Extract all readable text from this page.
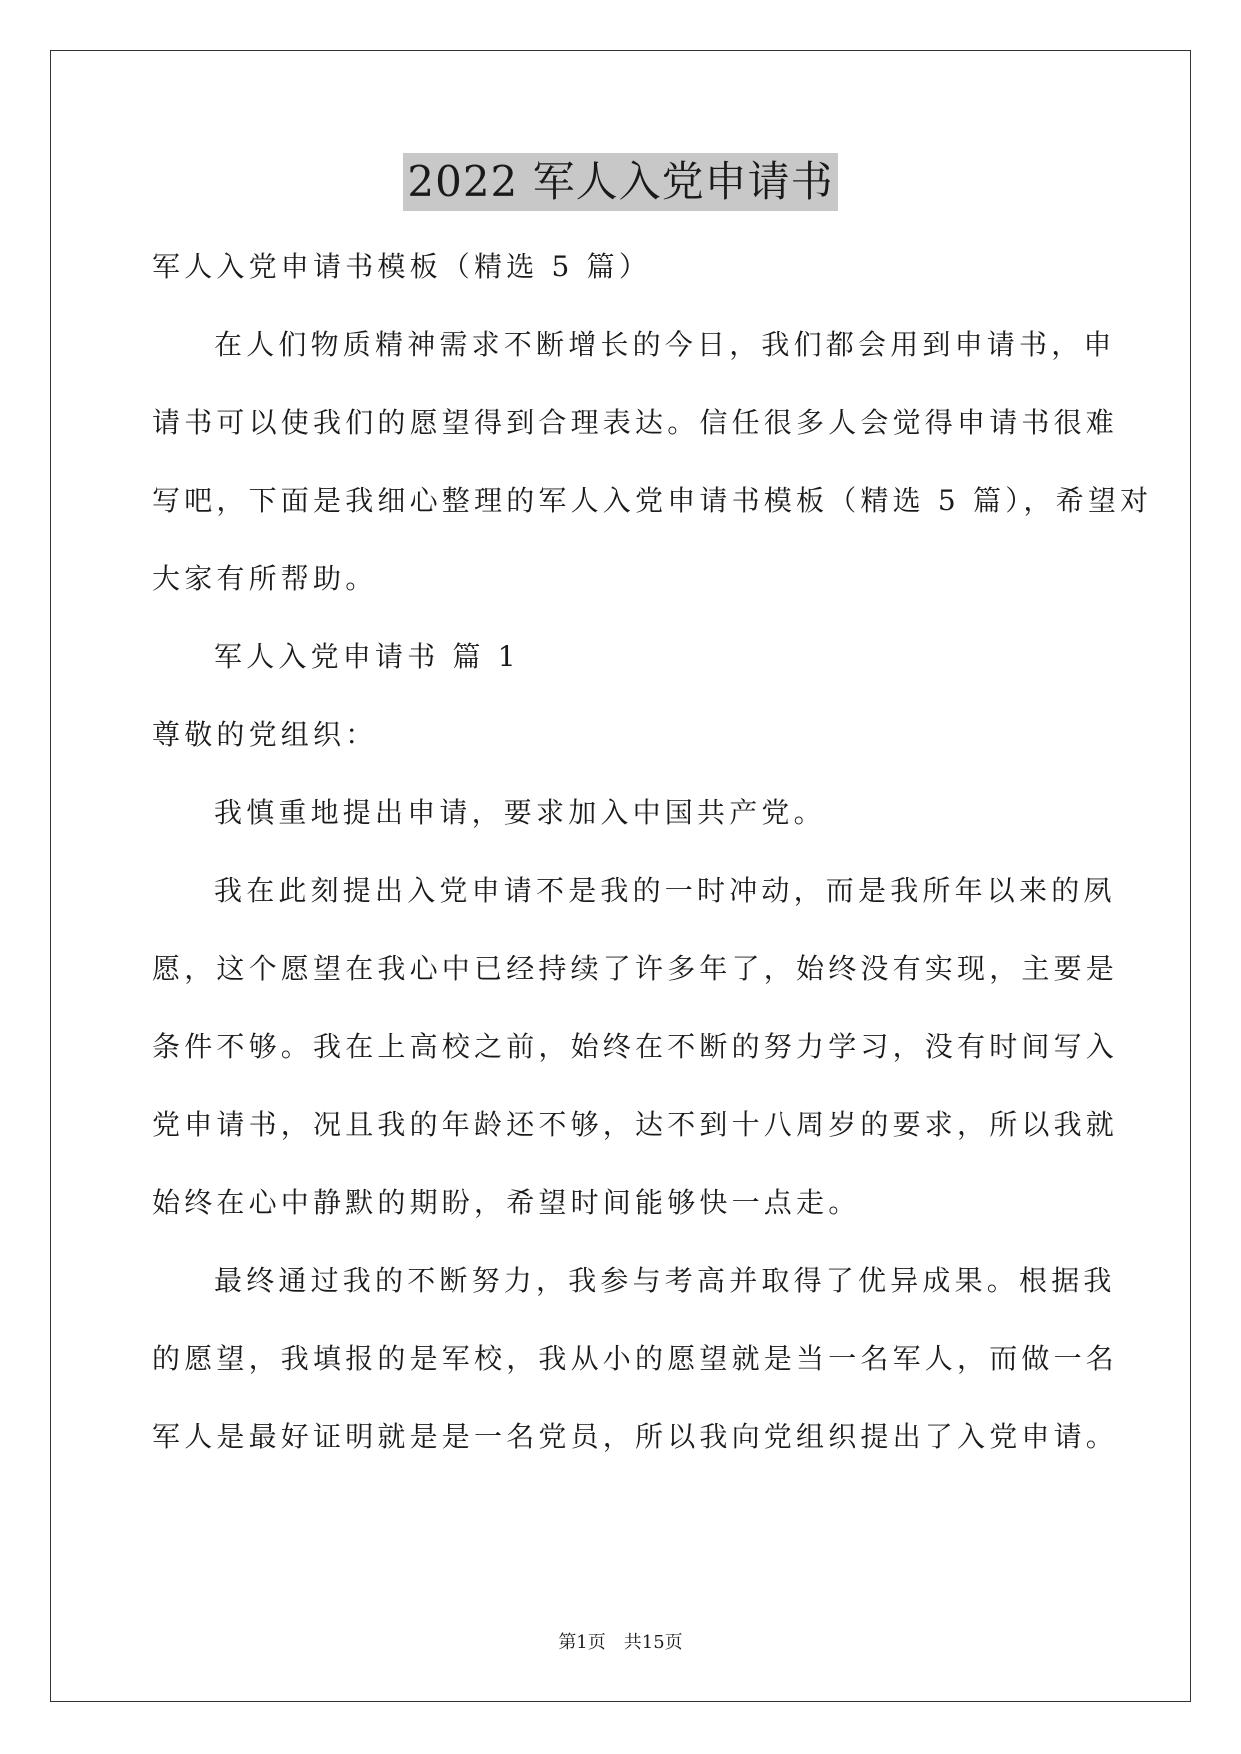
2022 军人入党申请书
军人入党申请书模板（精选 5 篇）
在人们物质精神需求不断增长的今日，我们都会用到申请书，申
请书可以使我们的愿望得到合理表达。信任很多人会觉得申请书很难
写吧，下面是我细心整理的军人入党申请书模板（精选 5 篇），希望对
大家有所帮助。
军人入党申请书 篇 1
尊敬的党组织：
我慎重地提出申请，要求加入中国共产党。
我在此刻提出入党申请不是我的一时冲动，而是我所年以来的夙
愿，这个愿望在我心中已经持续了许多年了，始终没有实现，主要是
条件不够。我在上高校之前，始终在不断的努力学习，没有时间写入
党申请书，况且我的年龄还不够，达不到十八周岁的要求，所以我就
始终在心中静默的期盼，希望时间能够快一点走。
最终通过我的不断努力，我参与考高并取得了优异成果。根据我
的愿望，我填报的是军校，我从小的愿望就是当一名军人，而做一名
军人是最好证明就是是一名党员，所以我向党组织提出了入党申请。
第1页 共15页
